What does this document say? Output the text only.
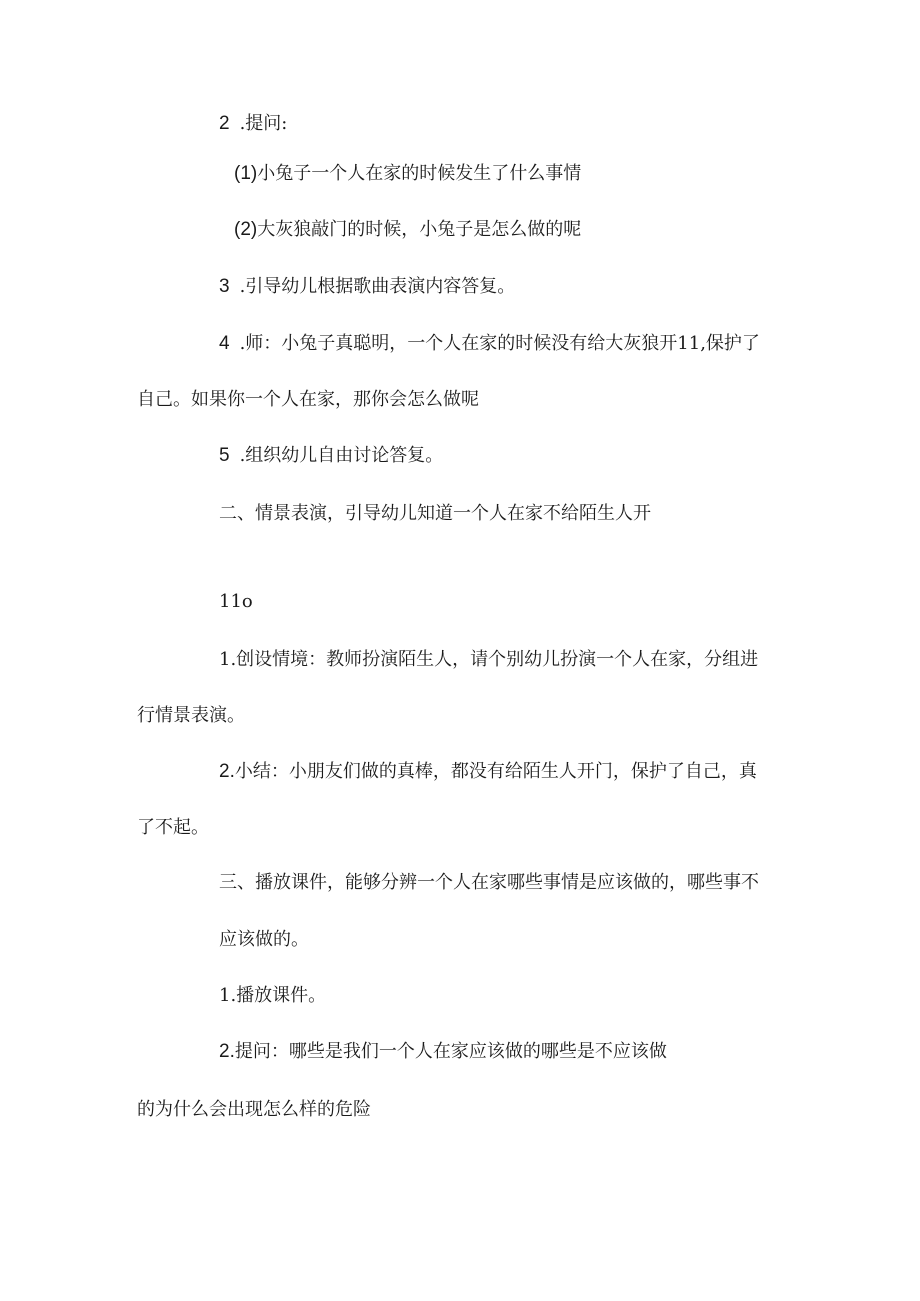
2 .提问:
(1)小兔子一个人在家的时候发生了什么事情
(2)大灰狼敲门的时候，小兔子是怎么做的呢
3 .引导幼儿根据歌曲表演内容答复。
4 .师：小兔子真聪明，一个人在家的时候没有给大灰狼开11,保护了
自己。如果你一个人在家，那你会怎么做呢
5 .组织幼儿自由讨论答复。
二、情景表演，引导幼儿知道一个人在家不给陌生人开
11o
1.创设情境：教师扮演陌生人，请个别幼儿扮演一个人在家，分组进
行情景表演。
2.小结：小朋友们做的真棒，都没有给陌生人开门，保护了自己，真
了不起。
三、播放课件，能够分辨一个人在家哪些事情是应该做的，哪些事不
应该做的。
1.播放课件。
2.提问：哪些是我们一个人在家应该做的哪些是不应该做
的为什么会出现怎么样的危险
